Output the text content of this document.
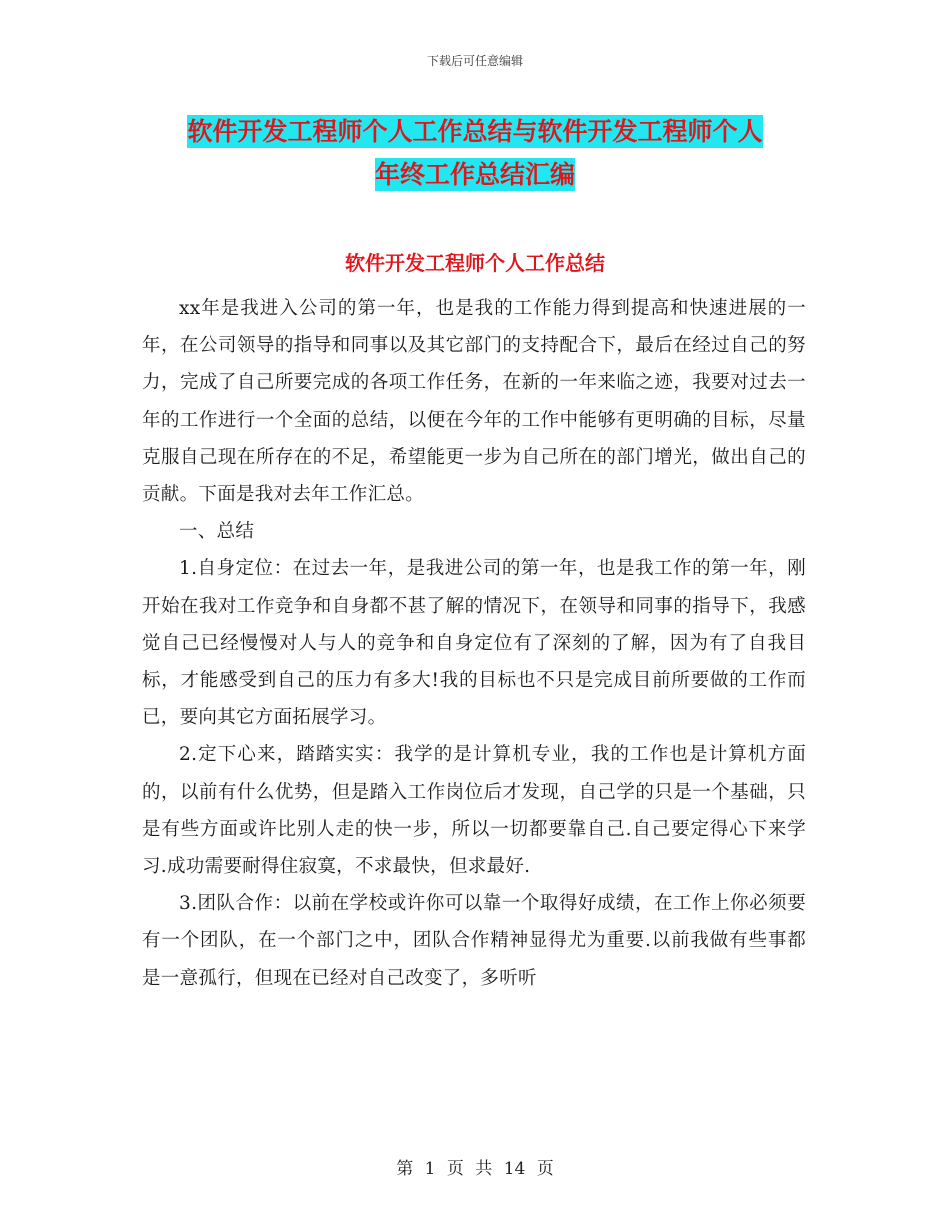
下载后可任意编辑
软件开发工程师个人工作总结与软件开发工程师个人
年终工作总结汇编
软件开发工程师个人工作总结

xx年是我进入公司的第一年，也是我的工作能力得到提高和快速进展的一年，在公司领导的指导和同事以及其它部门的支持配合下，最后在经过自己的努力，完成了自己所要完成的各项工作任务，在新的一年来临之迹，我要对过去一年的工作进行一个全面的总结，以便在今年的工作中能够有更明确的目标，尽量克服自己现在所存在的不足，希望能更一步为自己所在的部门增光，做出自己的贡献。下面是我对去年工作汇总。

一、总结

1.自身定位：在过去一年，是我进公司的第一年，也是我工作的第一年，刚开始在我对工作竞争和自身都不甚了解的情况下，在领导和同事的指导下，我感觉自己已经慢慢对人与人的竞争和自身定位有了深刻的了解，因为有了自我目标，才能感受到自己的压力有多大!我的目标也不只是完成目前所要做的工作而已，要向其它方面拓展学习。

2.定下心来，踏踏实实：我学的是计算机专业，我的工作也是计算机方面的，以前有什么优势，但是踏入工作岗位后才发现，自己学的只是一个基础，只是有些方面或许比别人走的快一步，所以一切都要靠自己.自己要定得心下来学习.成功需要耐得住寂寞，不求最快，但求最好.

3.团队合作：以前在学校或许你可以靠一个取得好成绩，在工作上你必须要有一个团队，在一个部门之中，团队合作精神显得尤为重要.以前我做有些事都是一意孤行，但现在已经对自己改变了，多听听

第 1 页 共 14 页
